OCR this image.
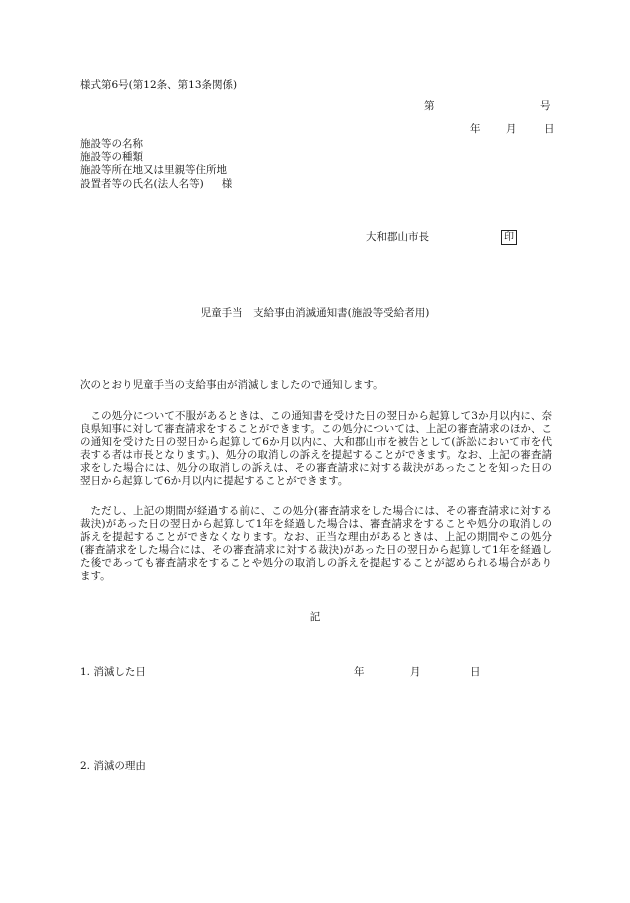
様式第6号(第12条、第13条関係)
第	号
年 月	日
施設等の名称
施設等の種類
施設等所在地又は里親等住所地
設置者等の氏名(法人名等) 様
大和郡山市長	印
児童手当　支給事由消滅通知書(施設等受給者用)
次のとおり児童手当の支給事由が消滅しましたので通知します。
この処分について不服があるときは、この通知書を受けた日の翌日から起算して3か月以内に、奈良県知事に対して審査請求をすることができます。この処分については、上記の審査請求のほか、この通知を受けた日の翌日から起算して6か月以内に、大和郡山市を被告として(訴訟において市を代表する者は市長となります。)、処分の取消しの訴えを提起することができます。なお、上記の審査請求をした場合には、処分の取消しの訴えは、その審査請求に対する裁決があったことを知った日の翌日から起算して6か月以内に提起することができます。
ただし、上記の期間が経過する前に、この処分(審査請求をした場合には、その審査請求に対する裁決)があった日の翌日から起算して1年を経過した場合は、審査請求をすることや処分の取消しの訴えを提起することができなくなります。なお、正当な理由があるときは、上記の期間やこの処分(審査請求をした場合には、その審査請求に対する裁決)があった日の翌日から起算して1年を経過した後であっても審査請求をすることや処分の取消しの訴えを提起することが認められる場合があります。
記
1. 消滅した日	年	月	日
2. 消滅の理由
